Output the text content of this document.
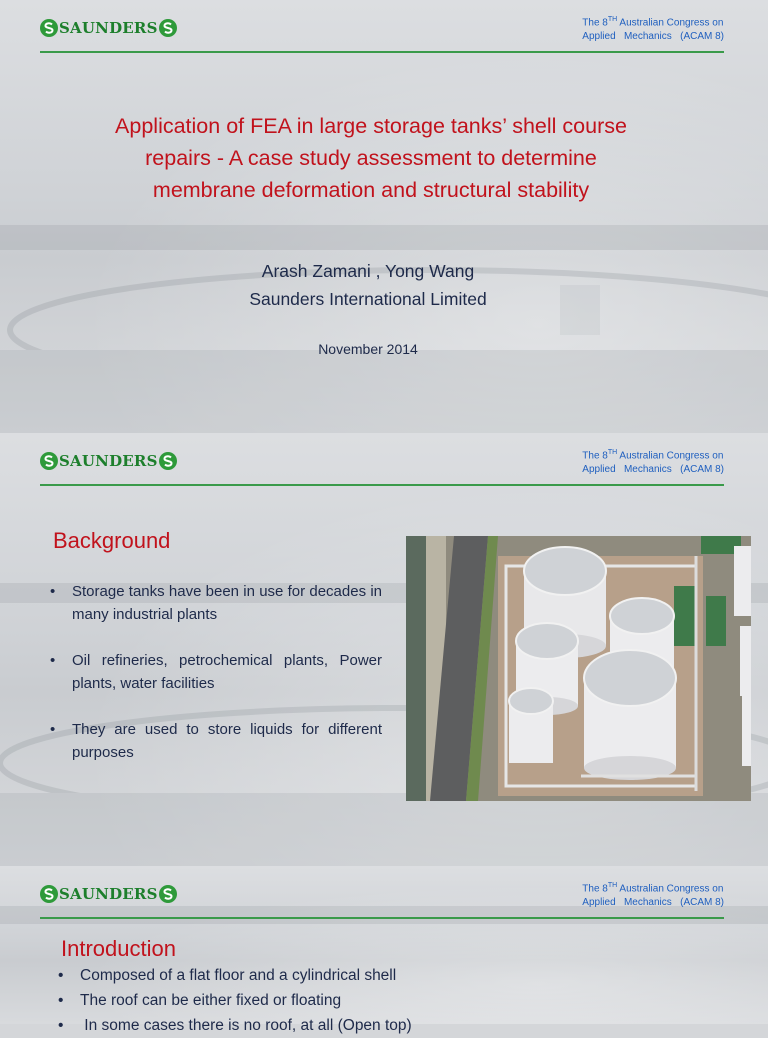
SAUNDERS	The 8TH Australian Congress on
Applied   Mechanics   (ACAM 8)
Application of FEA in large storage tanks’ shell course
repairs - A case study assessment to determine
membrane deformation and structural stability
Arash Zamani , Yong Wang
Saunders International Limited
November 2014
SAUNDERS	The 8TH Australian Congress on
Applied   Mechanics   (ACAM 8)
Background
• Storage tanks have been in use for decades in many industrial plants
• Oil refineries, petrochemical plants, Power plants, water facilities
• They are used to store liquids for different purposes
SAUNDERS	The 8TH Australian Congress on
Applied   Mechanics   (ACAM 8)
Introduction
• Composed of a flat floor and a cylindrical shell
• The roof can be either fixed or floating
• In some cases there is no roof, at all (Open top)
